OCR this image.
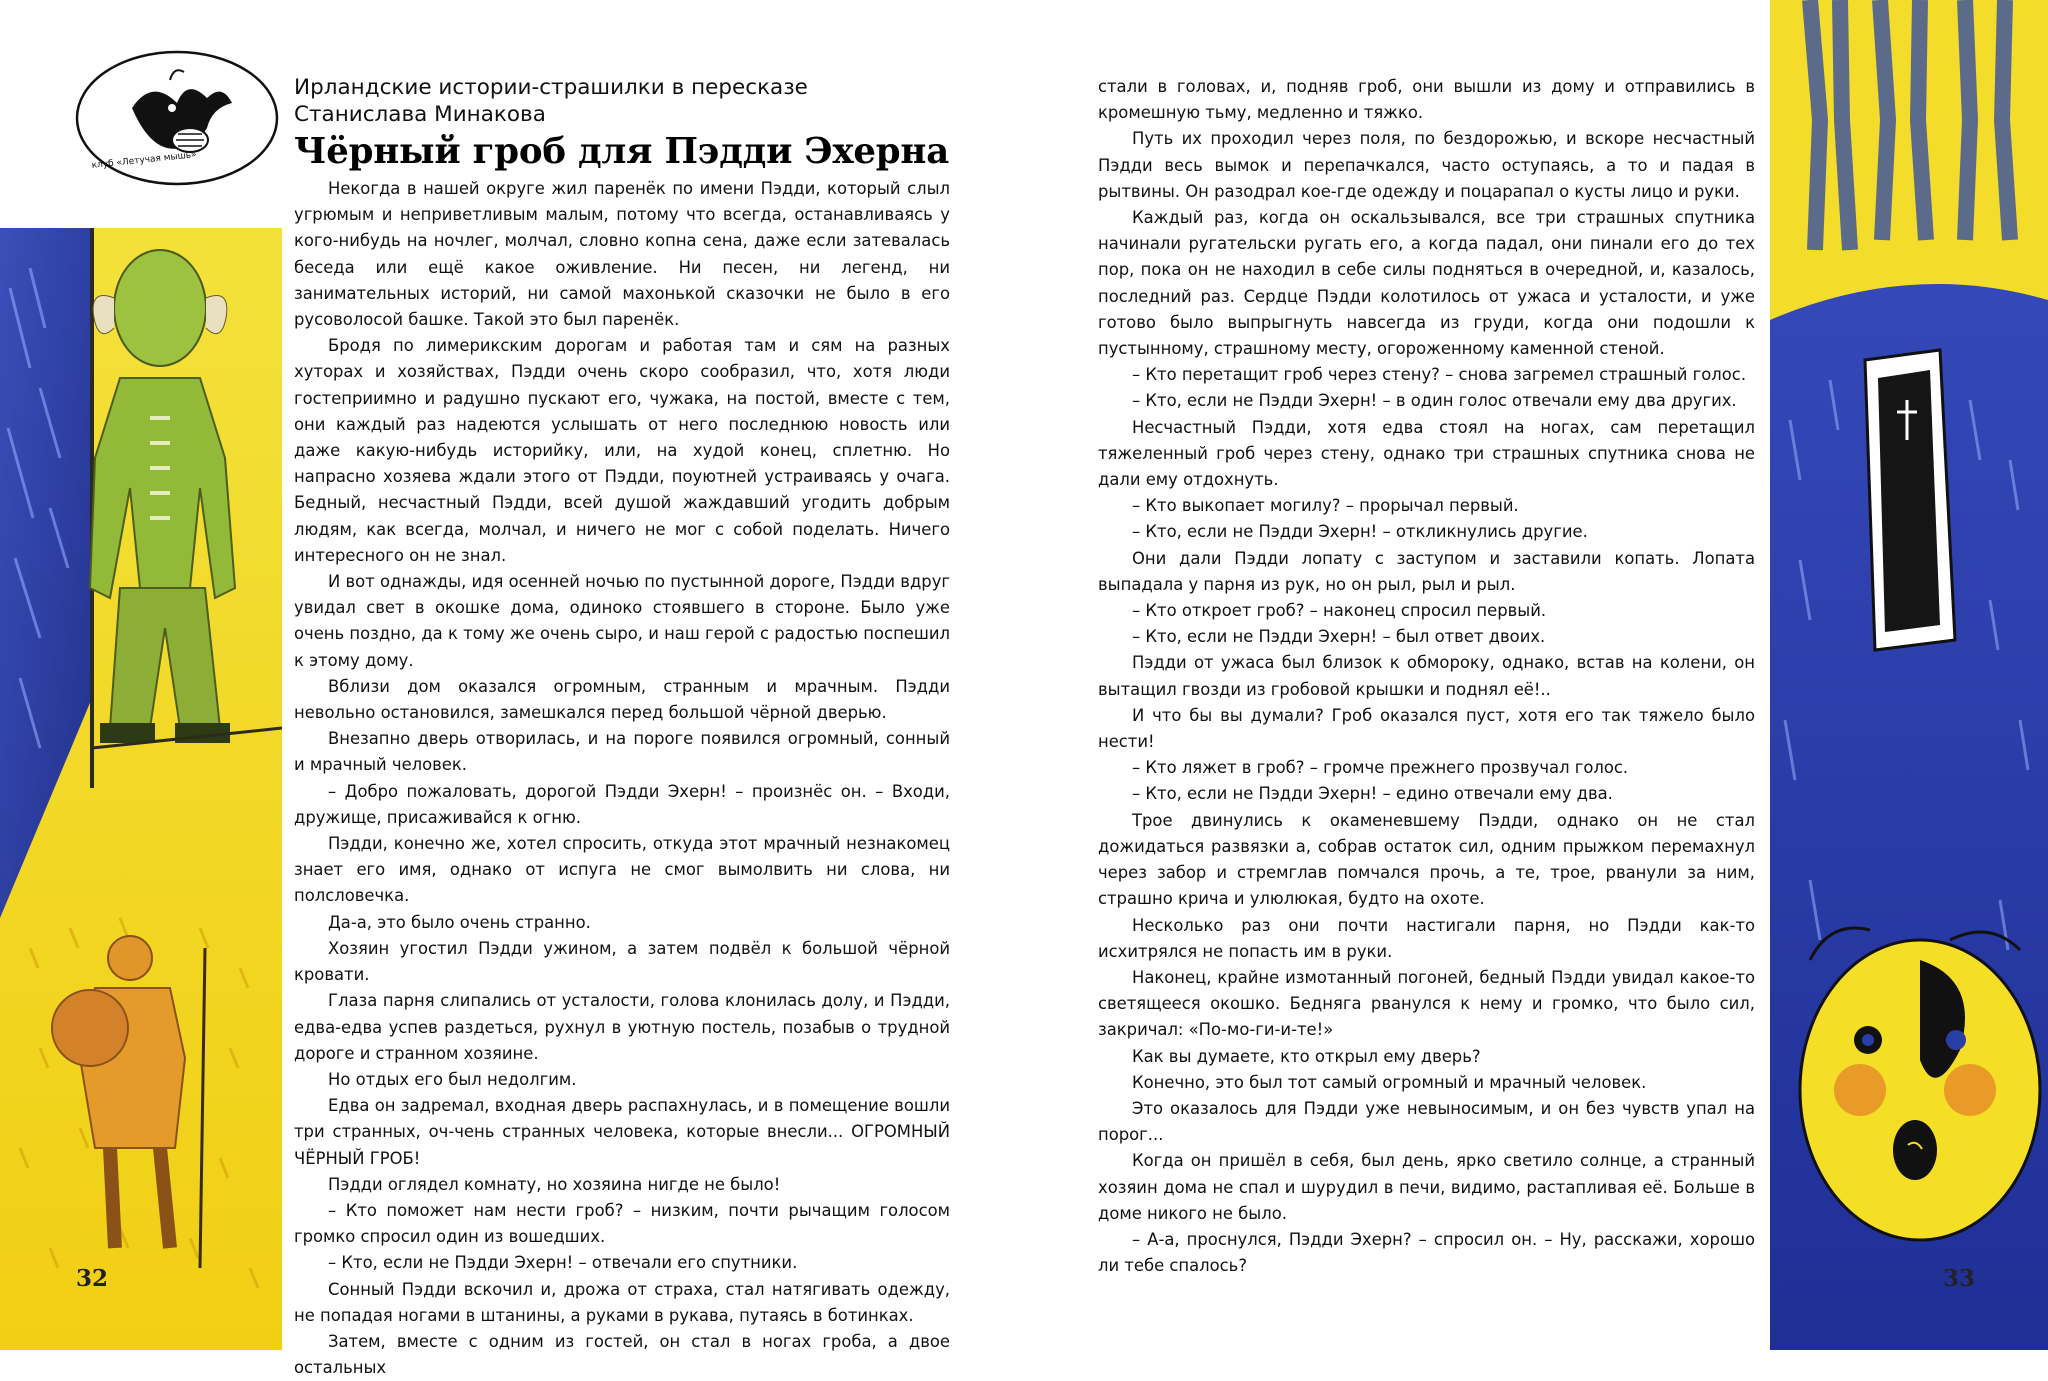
клуб «Летучая мышь»
Ирландские истории-страшилки в пересказе
Станиславa Минакова
Чёрный гроб для Пэдди Эхерна

Некогда в нашей округе жил паренёк по имени Пэдди, который слыл угрюмым и неприветливым малым, потому что всегда, останавливаясь у кого-нибудь на ночлег, молчал, словно копна сена, даже если затевалась беседа или ещё какое оживление. Ни песен, ни легенд, ни занимательных историй, ни самой махонькой сказочки не было в его русоволосой башке. Такой это был паренёк.

Бродя по лимерикским дорогам и работая там и сям на разных хуторах и хозяйствах, Пэдди очень скоро сообразил, что, хотя люди гостеприимно и радушно пускают его, чужака, на постой, вместе с тем, они каждый раз надеются услышать от него последнюю новость или даже какую-нибудь историйку, или, на худой конец, сплетню. Но напрасно хозяева ждали этого от Пэдди, поуютней устраиваясь у очага. Бедный, несчастный Пэдди, всей душой жаждавший угодить добрым людям, как всегда, молчал, и ничего не мог с собой поделать. Ничего интересного он не знал.

И вот однажды, идя осенней ночью по пустынной дороге, Пэдди вдруг увидал свет в окошке дома, одиноко стоявшего в стороне. Было уже очень поздно, да к тому же очень сыро, и наш герой с радостью поспешил к этому дому.

Вблизи дом оказался огромным, странным и мрачным. Пэдди невольно остановился, замешкался перед большой чёрной дверью.

Внезапно дверь отворилась, и на пороге появился огромный, сонный и мрачный человек.

– Добро пожаловать, дорогой Пэдди Эхерн! – произнёс он. – Входи, дружище, присаживайся к огню.

Пэдди, конечно же, хотел спросить, откуда этот мрачный незнакомец знает его имя, однако от испуга не смог вымолвить ни слова, ни полсловечка.

Да-а, это было очень странно.

Хозяин угостил Пэдди ужином, а затем подвёл к большой чёрной кровати.

Глаза парня слипались от усталости, голова клонилась долу, и Пэдди, едва-едва успев раздеться, рухнул в уютную постель, позабыв о трудной дороге и странном хозяине.

Но отдых его был недолгим.

Едва он задремал, входная дверь распахнулась, и в помещение вошли три странных, оч-чень странных человека, которые внесли... ОГРОМНЫЙ ЧЁРНЫЙ ГРОБ!

Пэдди оглядел комнату, но хозяина нигде не было!

– Кто поможет нам нести гроб? – низким, почти рычащим голосом громко спросил один из вошедших.

– Кто, если не Пэдди Эхерн! – отвечали его спутники.

Сонный Пэдди вскочил и, дрожа от страха, стал натягивать одежду, не попадая ногами в штанины, а руками в рукава, путаясь в ботинках.

Затем, вместе с одним из гостей, он стал в ногах гроба, а двое остальных

стали в головах, и, подняв гроб, они вышли из дому и отправились в кромешную тьму, медленно и тяжко.

Путь их проходил через поля, по бездорожью, и вскоре несчастный Пэдди весь вымок и перепачкался, часто оступаясь, а то и падая в рытвины. Он разодрал кое-где одежду и поцарапал о кусты лицо и руки.

Каждый раз, когда он оскальзывался, все три страшных спутника начинали ругательски ругать его, а когда падал, они пинали его до тех пор, пока он не находил в себе силы подняться в очередной, и, казалось, последний раз. Сердце Пэдди колотилось от ужаса и усталости, и уже готово было выпрыгнуть навсегда из груди, когда они подошли к пустынному, страшному месту, огороженному каменной стеной.

– Кто перетащит гроб через стену? – снова загремел страшный голос.

– Кто, если не Пэдди Эхерн! – в один голос отвечали ему два других.

Несчастный Пэдди, хотя едва стоял на ногах, сам перетащил тяжеленный гроб через стену, однако три страшных спутника снова не дали ему отдохнуть.

– Кто выкопает могилу? – прорычал первый.

– Кто, если не Пэдди Эхерн! – откликнулись другие.

Они дали Пэдди лопату с заступом и заставили копать. Лопата выпадала у парня из рук, но он рыл, рыл и рыл.

– Кто откроет гроб? – наконец спросил первый.

– Кто, если не Пэдди Эхерн! – был ответ двоих.

Пэдди от ужаса был близок к обмороку, однако, встав на колени, он вытащил гвозди из гробовой крышки и поднял её!..

И что бы вы думали? Гроб оказался пуст, хотя его так тяжело было нести!

– Кто ляжет в гроб? – громче прежнего прозвучал голос.

– Кто, если не Пэдди Эхерн! – едино отвечали ему два.

Трое двинулись к окаменевшему Пэдди, однако он не стал дожидаться развязки а, собрав остаток сил, одним прыжком перемахнул через забор и стремглав помчался прочь, а те, трое, рванули за ним, страшно крича и улюлюкая, будто на охоте.

Несколько раз они почти настигали парня, но Пэдди как-то исхитрялся не попасть им в руки.

Наконец, крайне измотанный погоней, бедный Пэдди увидал какое-то светящееся окошко. Бедняга рванулся к нему и громко, что было сил, закричал: «По-мо-ги-и-те!»

Как вы думаете, кто открыл ему дверь?

Конечно, это был тот самый огромный и мрачный человек.

Это оказалось для Пэдди уже невыносимым, и он без чувств упал на порог...

Когда он пришёл в себя, был день, ярко светило солнце, а странный хозяин дома не спал и шурудил в печи, видимо, растапливая её. Больше в доме никого не было.

– А-а, проснулся, Пэдди Эхерн? – спросил он. – Ну, расскажи, хорошо ли тебе спалось?

32	33
